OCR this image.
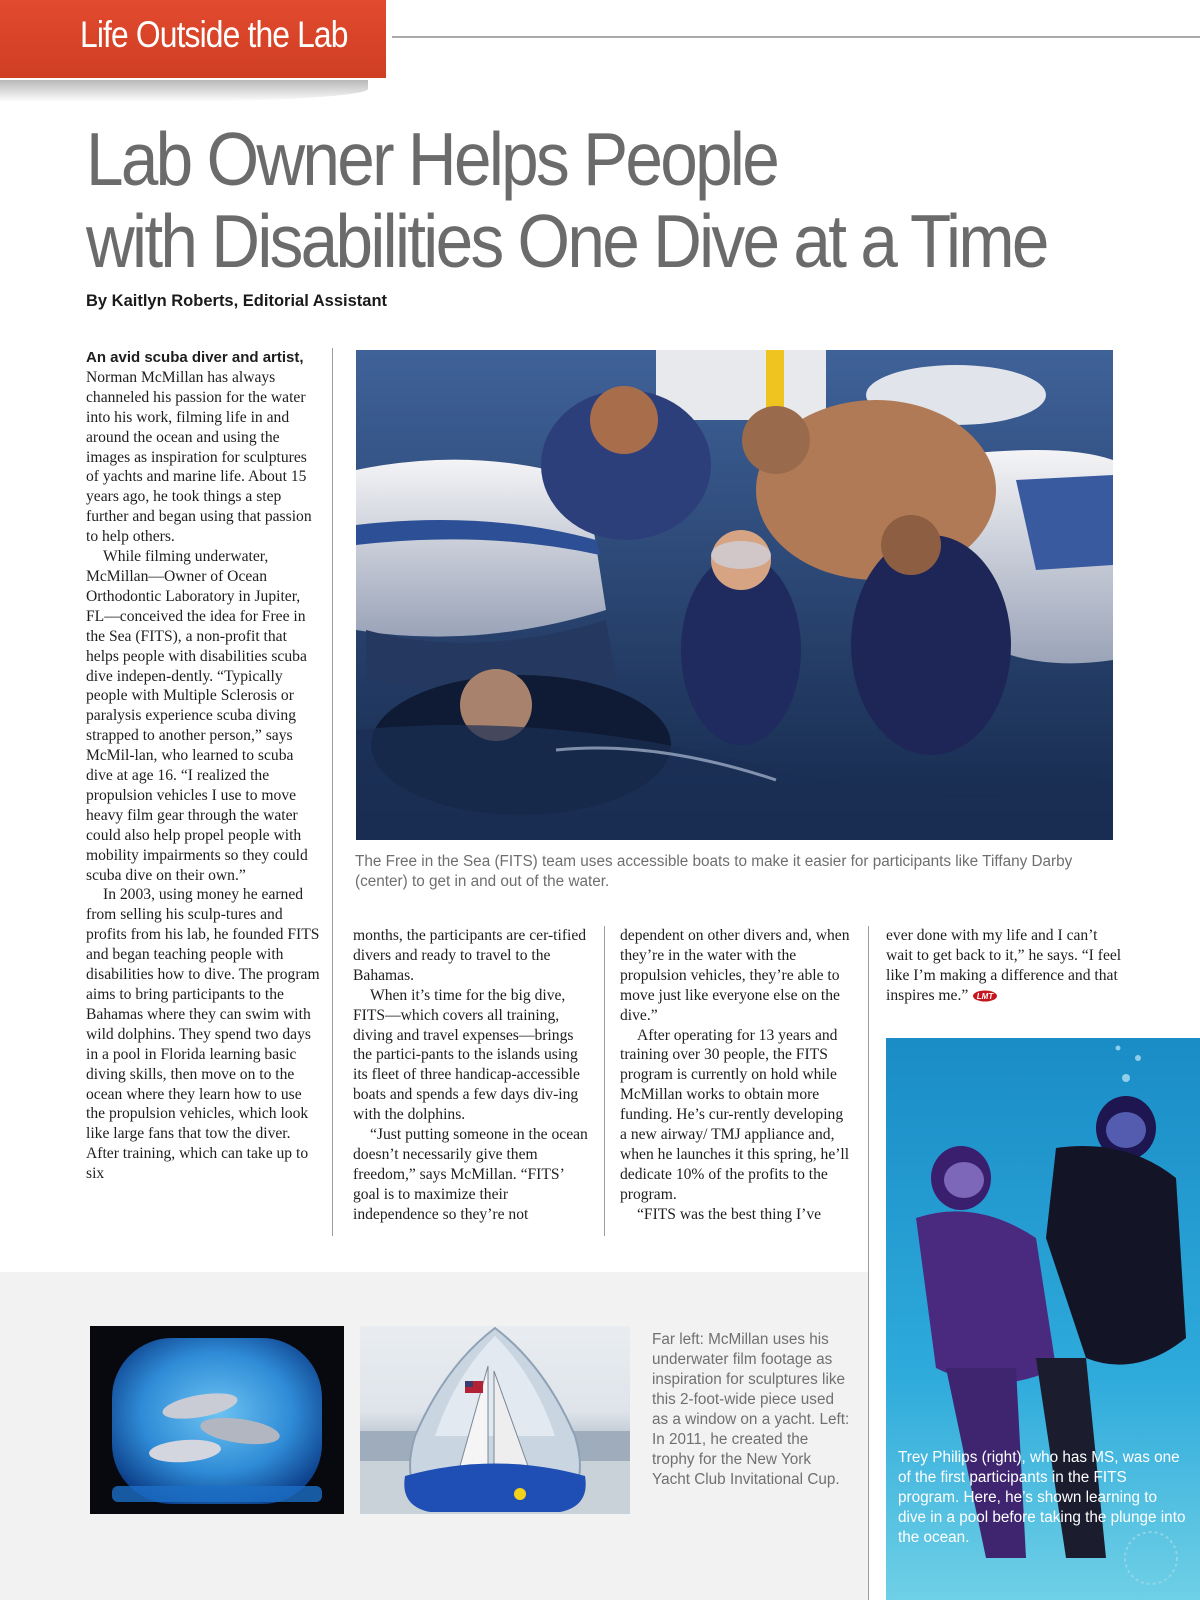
Life Outside the Lab
Lab Owner Helps People
with Disabilities One Dive at a Time
By Kaitlyn Roberts, Editorial Assistant

An avid scuba diver and artist, Norman McMillan has always channeled his passion for the water into his work, filming life in and around the ocean and using the images as inspiration for sculptures of yachts and marine life. About 15 years ago, he took things a step further and began using that passion to help others.

While filming underwater, McMillan—Owner of Ocean Orthodontic Laboratory in Jupiter, FL—conceived the idea for Free in the Sea (FITS), a non-profit that helps people with disabilities scuba dive indepen-dently. “Typically people with Multiple Sclerosis or paralysis experience scuba diving strapped to another person,” says McMil-lan, who learned to scuba dive at age 16. “I realized the propulsion vehicles I use to move heavy film gear through the water could also help propel people with mobility impairments so they could scuba dive on their own.”

In 2003, using money he earned from selling his sculp-tures and profits from his lab, he founded FITS and began teaching people with disabilities how to dive. The program aims to bring participants to the Bahamas where they can swim with wild dolphins. They spend two days in a pool in Florida learning basic diving skills, then move on to the ocean where they learn how to use the propulsion vehicles, which look like large fans that tow the diver. After training, which can take up to six

The Free in the Sea (FITS) team uses accessible boats to make it easier for participants like Tiffany Darby (center) to get in and out of the water.

months, the participants are cer-tified divers and ready to travel to the Bahamas.

When it’s time for the big dive, FITS—which covers all training, diving and travel expenses—brings the partici-pants to the islands using its fleet of three handicap-accessible boats and spends a few days div-ing with the dolphins.

“Just putting someone in the ocean doesn’t necessarily give them freedom,” says McMillan. “FITS’ goal is to maximize their independence so they’re not

dependent on other divers and, when they’re in the water with the propulsion vehicles, they’re able to move just like everyone else on the dive.”

After operating for 13 years and training over 30 people, the FITS program is currently on hold while McMillan works to obtain more funding. He’s cur-rently developing a new airway/ TMJ appliance and, when he launches it this spring, he’ll dedicate 10% of the profits to the program.

“FITS was the best thing I’ve

ever done with my life and I can’t wait to get back to it,” he says. “I feel like I’m making a difference and that inspires me.” LMT

Far left: McMillan uses his underwater film footage as inspiration for sculptures like this 2-foot-wide piece used as a window on a yacht. Left: In 2011, he created the trophy for the New York Yacht Club Invitational Cup.
Trey Philips (right), who has MS, was one of the first participants in the FITS program. Here, he’s shown learning to dive in a pool before taking the plunge into the ocean.
